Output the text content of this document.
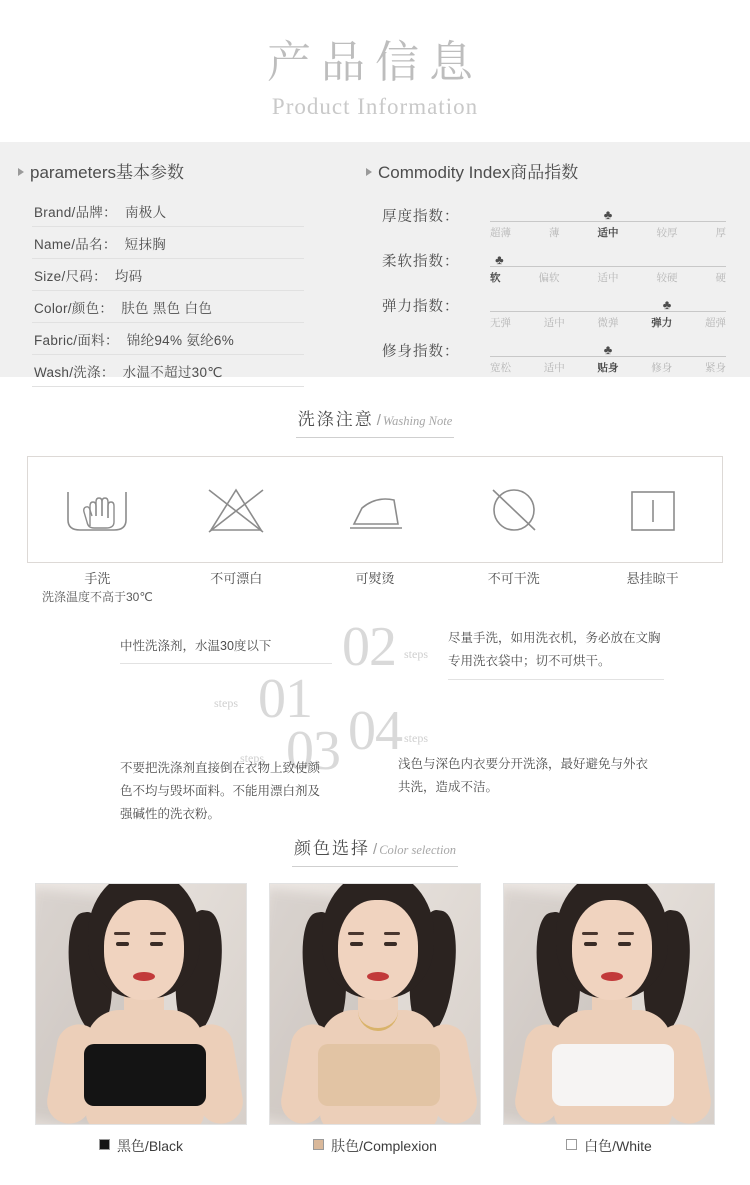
产品信息
Product Information
parameters基本参数
Brand/品牌： 南极人
Name/品名： 短抹胸
Size/尺码： 均码
Color/颜色： 肤色 黑色 白色
Fabric/面料： 锦纶94% 氨纶6%
Wash/洗涤： 水温不超过30℃
Commodity Index商品指数
厚度指数：	♣
超薄	薄	适中	较厚	厚
柔软指数：	♣
软	偏软	适中	较硬	硬
弹力指数：	♣
无弹	适中	微弹	弹力	超弹
修身指数：	♣
宽松	适中	贴身	修身	紧身
洗涤注意 / Washing Note
手洗
洗涤温度不高于30℃
不可漂白	可熨烫	不可干洗	悬挂晾干
steps 01
中性洗涤剂，水温30度以下	02 steps
尽量手洗，如用洗衣机，务必放在文胸专用洗衣袋中；切不可烘干。
steps 03
不要把洗涤剂直接倒在衣物上致使颜色不均与毁坏面料。不能用漂白剂及强碱性的洗衣粉。
04 steps
浅色与深色内衣要分开洗涤，最好避免与外衣共洗，造成不洁。
颜色选择 / Color selection
黑色/Black	肤色/Complexion	白色/White
